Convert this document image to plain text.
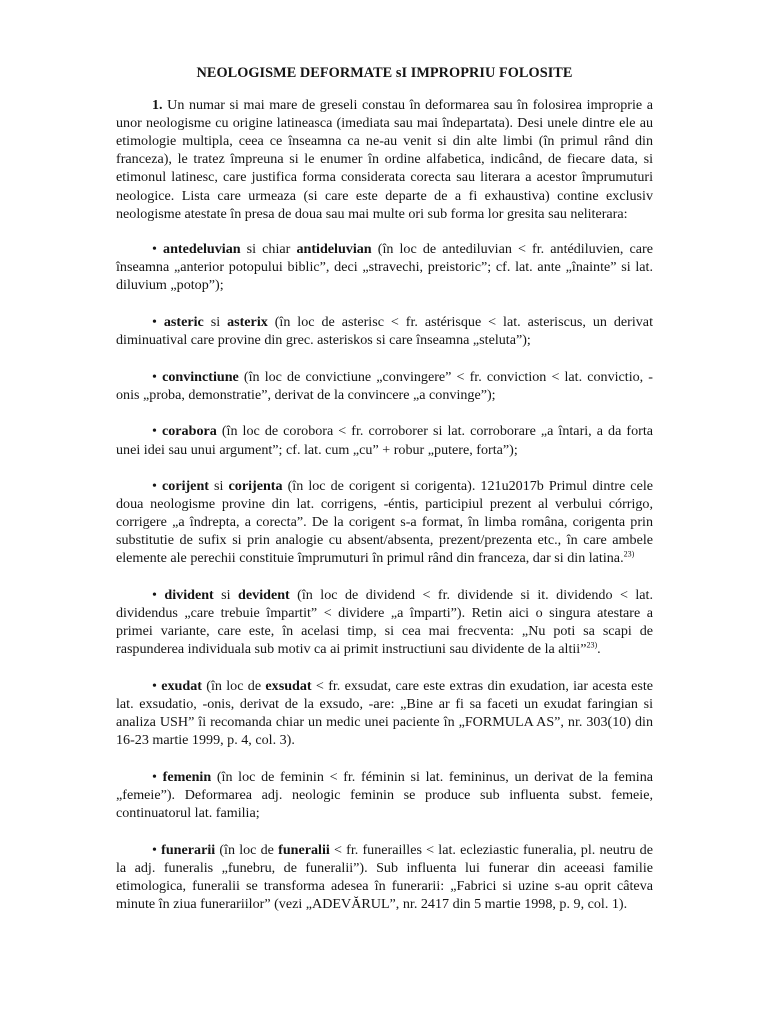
NEOLOGISME DEFORMATE sI IMPROPRIU FOLOSITE
1. Un numar si mai mare de greseli constau în deformarea sau în folosirea improprie a unor neologisme cu origine latineasca (imediata sau mai îndepartata). Desi unele dintre ele au etimologie multipla, ceea ce înseamna ca ne-au venit si din alte limbi (în primul rând din franceza), le tratez împreuna si le enumer în ordine alfabetica, indicând, de fiecare data, si etimonul latinesc, care justifica forma considerata corecta sau literara a acestor împrumuturi neologice. Lista care urmeaza (si care este departe de a fi exhaustiva) contine exclusiv neologisme atestate în presa de doua sau mai multe ori sub forma lor gresita sau neliterara:
• antedeluvian si chiar antideluvian (în loc de antediluvian < fr. antédiluvien, care înseamna „anterior potopului biblic”, deci „stravechi, preistoric”; cf. lat. ante „înainte” si lat. diluvium „potop”);
• asteric si asterix (în loc de asterisc < fr. astérisque < lat. asteriscus, un derivat diminuatival care provine din grec. asteriskos si care înseamna „steluta”);
• convinctiune (în loc de convictiune „convingere” < fr. conviction < lat. convictio, -onis „proba, demonstratie”, derivat de la convincere „a convinge”);
• corabora (în loc de corobora < fr. corroborer si lat. corroborare „a întari, a da forta unei idei sau unui argument”; cf. lat. cum „cu” + robur „putere, forta”);
• corijent si corijenta (în loc de corigent si corigenta). 121u2017b Primul dintre cele doua neologisme provine din lat. corrigens, -éntis, participiul prezent al verbului córrigo, corrigere „a îndrepta, a corecta”. De la corigent s-a format, în limba româna, corigenta prin substitutie de sufix si prin analogie cu absent/absenta, prezent/prezenta etc., în care ambele elemente ale perechii constituie împrumuturi în primul rând din franceza, dar si din latina.$^{23)}$
• divident si devident (în loc de dividend < fr. dividende si it. dividendo < lat. dividendus „care trebuie împartit” < dividere „a împarti”). Retin aici o singura atestare a primei variante, care este, în acelasi timp, si cea mai frecventa: „Nu poti sa scapi de raspunderea individuala sub motiv ca ai primit instructiuni sau dividente de la altii”$^{23)}$.
• exudat (în loc de exsudat < fr. exsudat, care este extras din exudation, iar acesta este lat. exsudatio, -onis, derivat de la exsudo, -are: „Bine ar fi sa faceti un exudat faringian si analiza USH” îi recomanda chiar un medic unei paciente în „FORMULA AS”, nr. 303(10) din 16-23 martie 1999, p. 4, col. 3).
• femenin (în loc de feminin < fr. féminin si lat. femininus, un derivat de la femina „femeie”). Deformarea adj. neologic feminin se produce sub influenta subst. femeie, continuatorul lat. familia;
• funerarii (în loc de funeralii < fr. funerailles < lat. ecleziastic funeralia, pl. neutru de la adj. funeralis „funebru, de funeralii”). Sub influenta lui funerar din aceeasi familie etimologica, funeralii se transforma adesea în funerarii: „Fabrici si uzine s-au oprit câteva minute în ziua funerariilor” (vezi „ADEVĂRUL”, nr. 2417 din 5 martie 1998, p. 9, col. 1).
